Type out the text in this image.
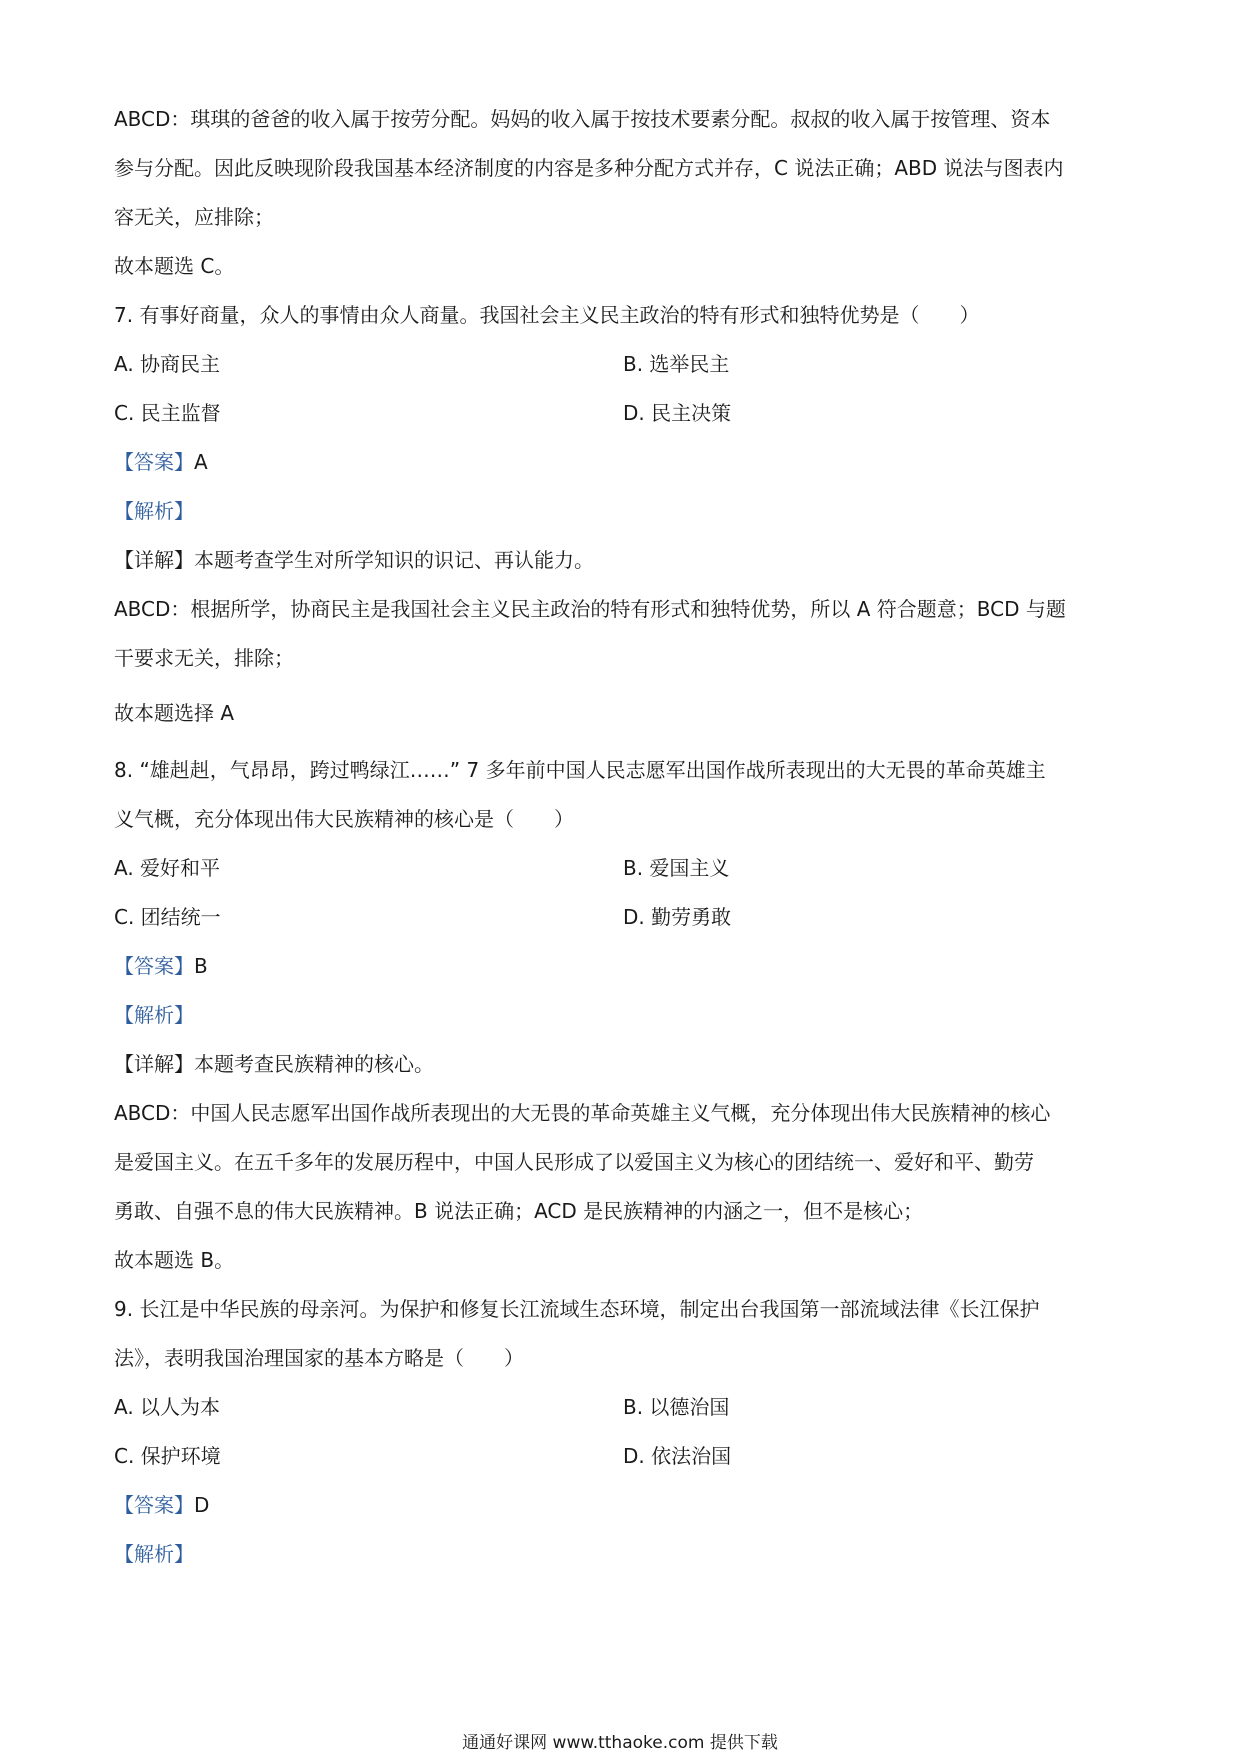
ABCD：琪琪的爸爸的收入属于按劳分配。妈妈的收入属于按技术要素分配。叔叔的收入属于按管理、资本
参与分配。因此反映现阶段我国基本经济制度的内容是多种分配方式并存，C 说法正确；ABD 说法与图表内
容无关，应排除；
故本题选 C。
7. 有事好商量，众人的事情由众人商量。我国社会主义民主政治的特有形式和独特优势是（　　）
A. 协商民主	B. 选举民主
C. 民主监督	D. 民主决策
【答案】A
【解析】
【详解】本题考查学生对所学知识的识记、再认能力。
ABCD：根据所学，协商民主是我国社会主义民主政治的特有形式和独特优势，所以 A 符合题意；BCD 与题
干要求无关，排除；
故本题选择 A
8. “雄赳赳，气昂昂，跨过鸭绿江……” 7 多年前中国人民志愿军出国作战所表现出的大无畏的革命英雄主
义气概，充分体现出伟大民族精神的核心是（　　）
A. 爱好和平	B. 爱国主义
C. 团结统一	D. 勤劳勇敢
【答案】B
【解析】
【详解】本题考查民族精神的核心。
ABCD：中国人民志愿军出国作战所表现出的大无畏的革命英雄主义气概，充分体现出伟大民族精神的核心
是爱国主义。在五千多年的发展历程中，中国人民形成了以爱国主义为核心的团结统一、爱好和平、勤劳
勇敢、自强不息的伟大民族精神。B 说法正确；ACD 是民族精神的内涵之一，但不是核心；
故本题选 B。
9. 长江是中华民族的母亲河。为保护和修复长江流域生态环境，制定出台我国第一部流域法律《长江保护
法》，表明我国治理国家的基本方略是（　　）
A. 以人为本	B. 以德治国
C. 保护环境	D. 依法治国
【答案】D
【解析】
通通好课网 www.tthaoke.com 提供下载
